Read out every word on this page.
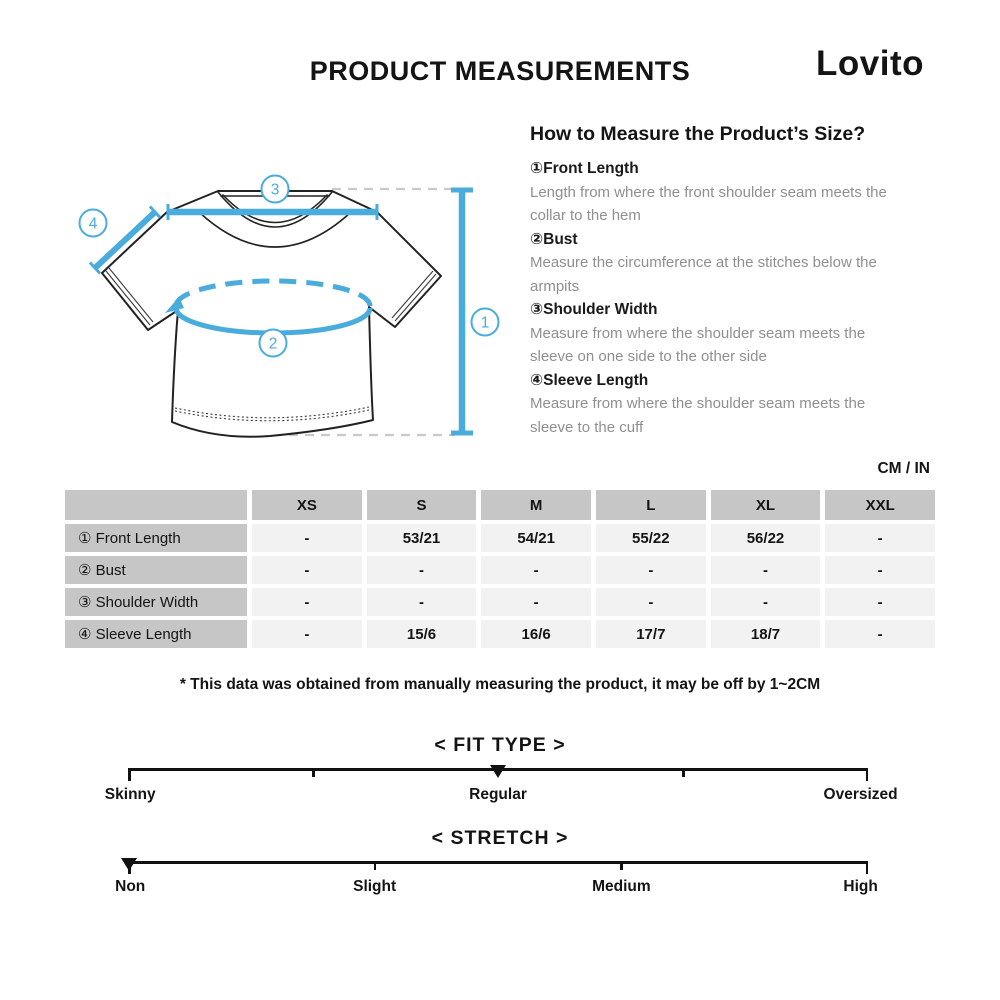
PRODUCT MEASUREMENTS	Lovito
3
4
2
1
How to Measure the Product’s Size?
①Front Length
Length from where the front shoulder seam meets the collar to the hem
②Bust
Measure the circumference at the stitches below the armpits
③Shoulder Width
Measure from where the shoulder seam meets the sleeve on one side to the other side
④Sleeve Length
Measure from where the shoulder seam meets the sleeve to the cuff
CM / IN
XS	S	M	L	XL	XXL
① Front Length	-	53/21	54/21	55/22	56/22	-
② Bust	-	-	-	-	-	-
③ Shoulder Width	-	-	-	-	-	-
④ Sleeve Length	-	15/6	16/6	17/7	18/7	-
* This data was obtained from manually measuring the product, it may be off by 1~2CM
< FIT TYPE >
Skinny	Regular	Oversized
< STRETCH >
Non	Slight	Medium	High
